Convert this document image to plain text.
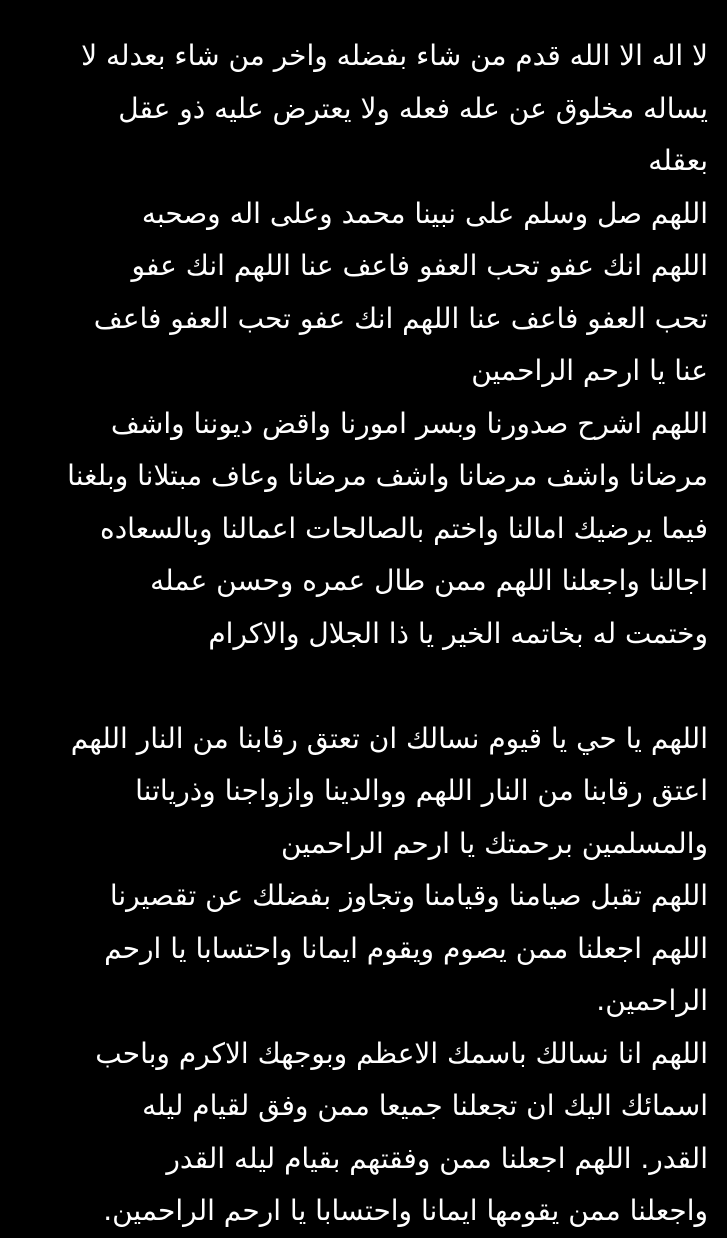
لا اله الا الله قدم من شاء بفضله واخر من شاء بعدله لا
يساله مخلوق عن عله فعله ولا يعترض عليه ذو عقل
بعقله
اللهم صل وسلم على نبينا محمد وعلى اله وصحبه
اللهم انك عفو تحب العفو فاعف عنا اللهم انك عفو
تحب العفو فاعف عنا اللهم انك عفو تحب العفو فاعف
عنا يا ارحم الراحمين
اللهم اشرح صدورنا وبسر امورنا واقض ديوننا واشف
مرضانا واشف مرضانا واشف مرضانا وعاف مبتلانا وبلغنا
فيما يرضيك امالنا واختم بالصالحات اعمالنا وبالسعاده
اجالنا واجعلنا اللهم ممن طال عمره وحسن عمله
وختمت له بخاتمه الخير يا ذا الجلال والاكرام
اللهم يا حي يا قيوم نسالك ان تعتق رقابنا من النار اللهم
اعتق رقابنا من النار اللهم ووالدينا وازواجنا وذرياتنا
والمسلمين برحمتك يا ارحم الراحمين
اللهم تقبل صيامنا وقيامنا وتجاوز بفضلك عن تقصيرنا
اللهم اجعلنا ممن يصوم ويقوم ايمانا واحتسابا يا ارحم
الراحمين.
اللهم انا نسالك باسمك الاعظم وبوجهك الاكرم وباحب
اسمائك اليك ان تجعلنا جميعا ممن وفق لقيام ليله
القدر. اللهم اجعلنا ممن وفقتهم بقيام ليله القدر
واجعلنا ممن يقومها ايمانا واحتسابا يا ارحم الراحمين.
